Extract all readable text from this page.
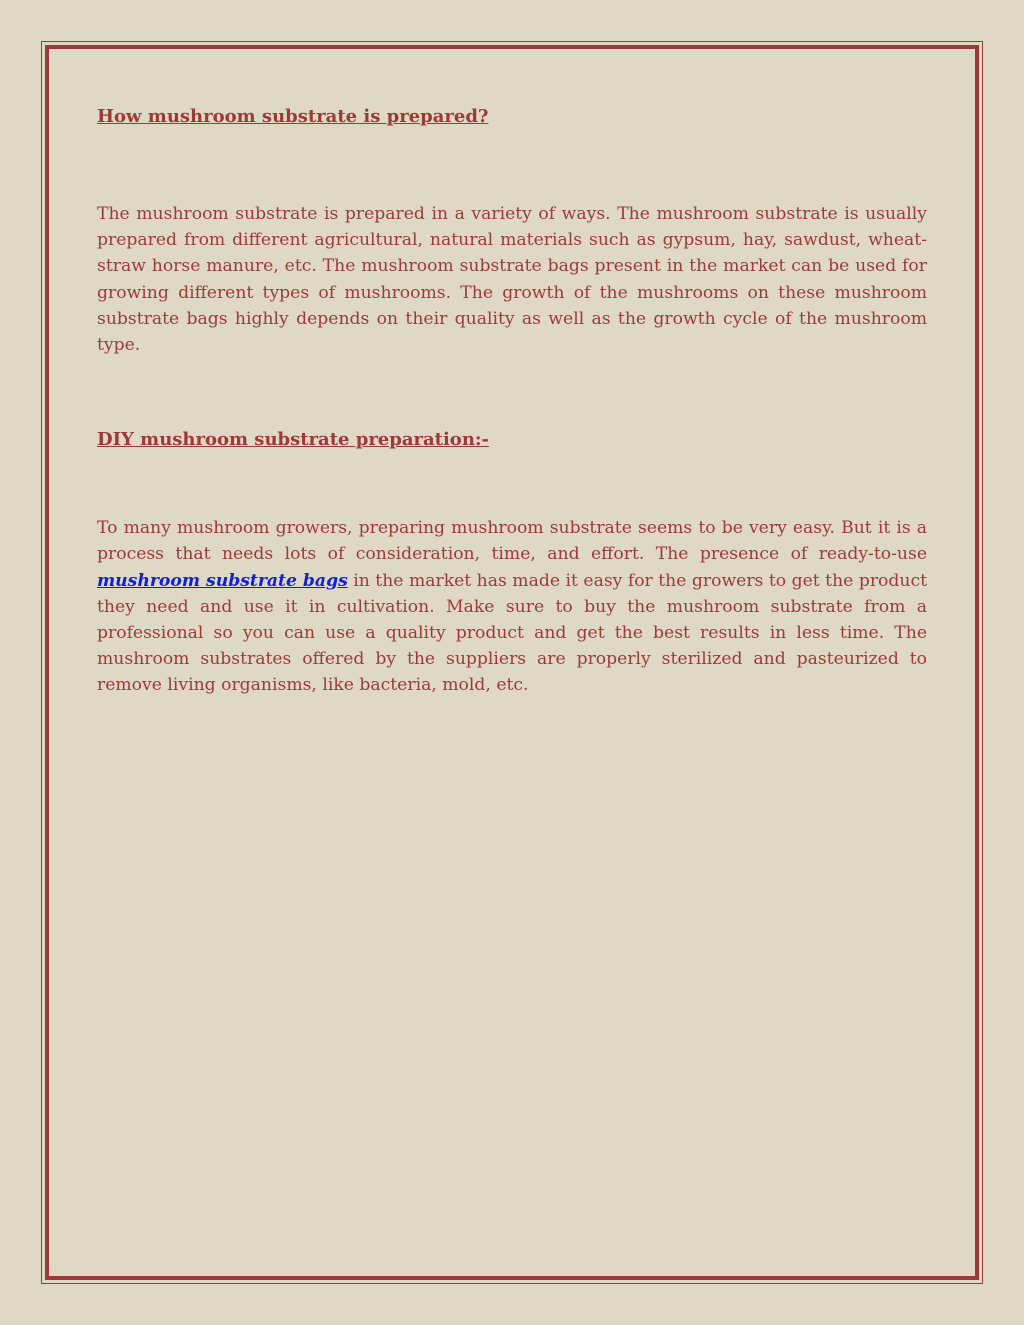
How mushroom substrate is prepared?

The mushroom substrate is prepared in a variety of ways. The mushroom substrate is usually prepared from different agricultural, natural materials such as gypsum, hay, sawdust, wheat-straw horse manure, etc. The mushroom substrate bags present in the market can be used for growing different types of mushrooms. The growth of the mushrooms on these mushroom substrate bags highly depends on their quality as well as the growth cycle of the mushroom type.

DIY mushroom substrate preparation:-

To many mushroom growers, preparing mushroom substrate seems to be very easy. But it is a process that needs lots of consideration, time, and effort. The presence of ready-to-use mushroom substrate bags in the market has made it easy for the growers to get the product they need and use it in cultivation. Make sure to buy the mushroom substrate from a professional so you can use a quality product and get the best results in less time. The mushroom substrates offered by the suppliers are properly sterilized and pasteurized to remove living organisms, like bacteria, mold, etc.
